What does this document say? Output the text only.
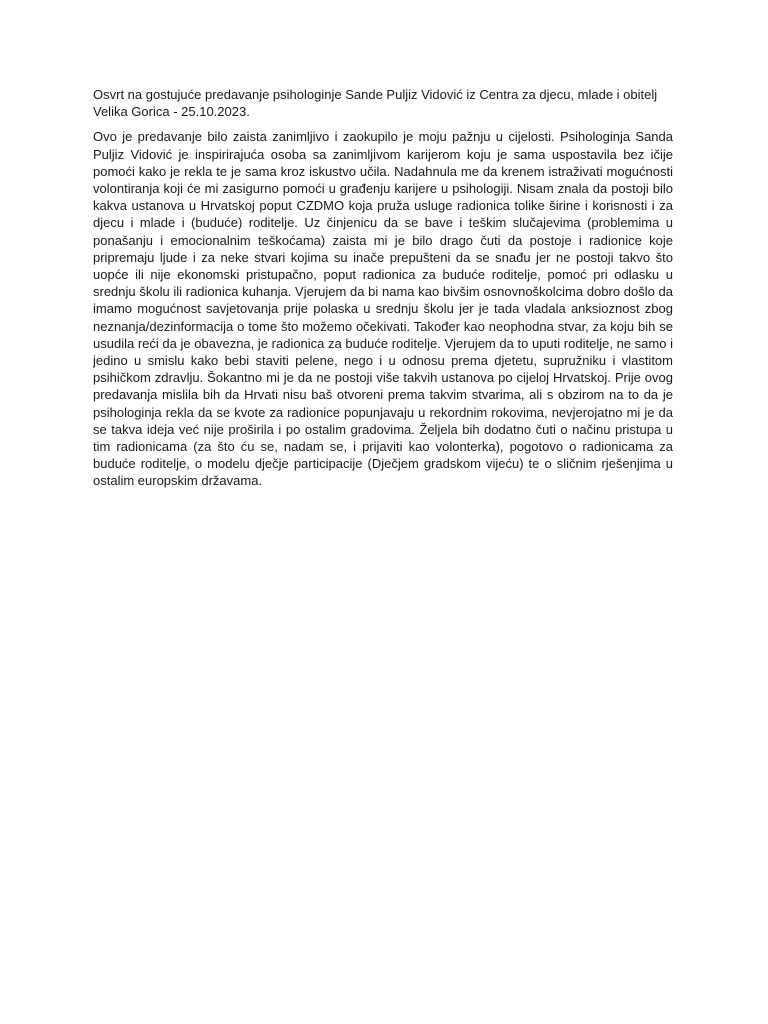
Osvrt na gostujuće predavanje psihologinje Sande Puljiz Vidović iz Centra za djecu, mlade i obitelj Velika Gorica - 25.10.2023.

Ovo je predavanje bilo zaista zanimljivo i zaokupilo je moju pažnju u cijelosti. Psihologinja Sanda Puljiz Vidović je inspirirajuća osoba sa zanimljivom karijerom koju je sama uspostavila bez ičije pomoći kako je rekla te je sama kroz iskustvo učila. Nadahnula me da krenem istraživati mogućnosti volontiranja koji će mi zasigurno pomoći u građenju karijere u psihologiji. Nisam znala da postoji bilo kakva ustanova u Hrvatskoj poput CZDMO koja pruža usluge radionica tolike širine i korisnosti i za djecu i mlade i (buduće) roditelje. Uz činjenicu da se bave i teškim slučajevima (problemima u ponašanju i emocionalnim teškoćama) zaista mi je bilo drago čuti da postoje i radionice koje pripremaju ljude i za neke stvari kojima su inače prepušteni da se snađu jer ne postoji takvo što uopće ili nije ekonomski pristupačno, poput radionica za buduće roditelje, pomoć pri odlasku u srednju školu ili radionica kuhanja. Vjerujem da bi nama kao bivšim osnovnoškolcima dobro došlo da imamo mogućnost savjetovanja prije polaska u srednju školu jer je tada vladala anksioznost zbog neznanja/dezinformacija o tome što možemo očekivati. Također kao neophodna stvar, za koju bih se usudila reći da je obavezna, je radionica za buduće roditelje. Vjerujem da to uputi roditelje, ne samo i jedino u smislu kako bebi staviti pelene, nego i u odnosu prema djetetu, supružniku i vlastitom psihičkom zdravlju. Šokantno mi je da ne postoji više takvih ustanova po cijeloj Hrvatskoj. Prije ovog predavanja mislila bih da Hrvati nisu baš otvoreni prema takvim stvarima, ali s obzirom na to da je psihologinja rekla da se kvote za radionice popunjavaju u rekordnim rokovima, nevjerojatno mi je da se takva ideja već nije proširila i po ostalim gradovima. Željela bih dodatno čuti o načinu pristupa u tim radionicama (za što ću se, nadam se, i prijaviti kao volonterka), pogotovo o radionicama za buduće roditelje, o modelu dječje participacije (Dječjem gradskom vijeću) te o sličnim rješenjima u ostalim europskim državama.
